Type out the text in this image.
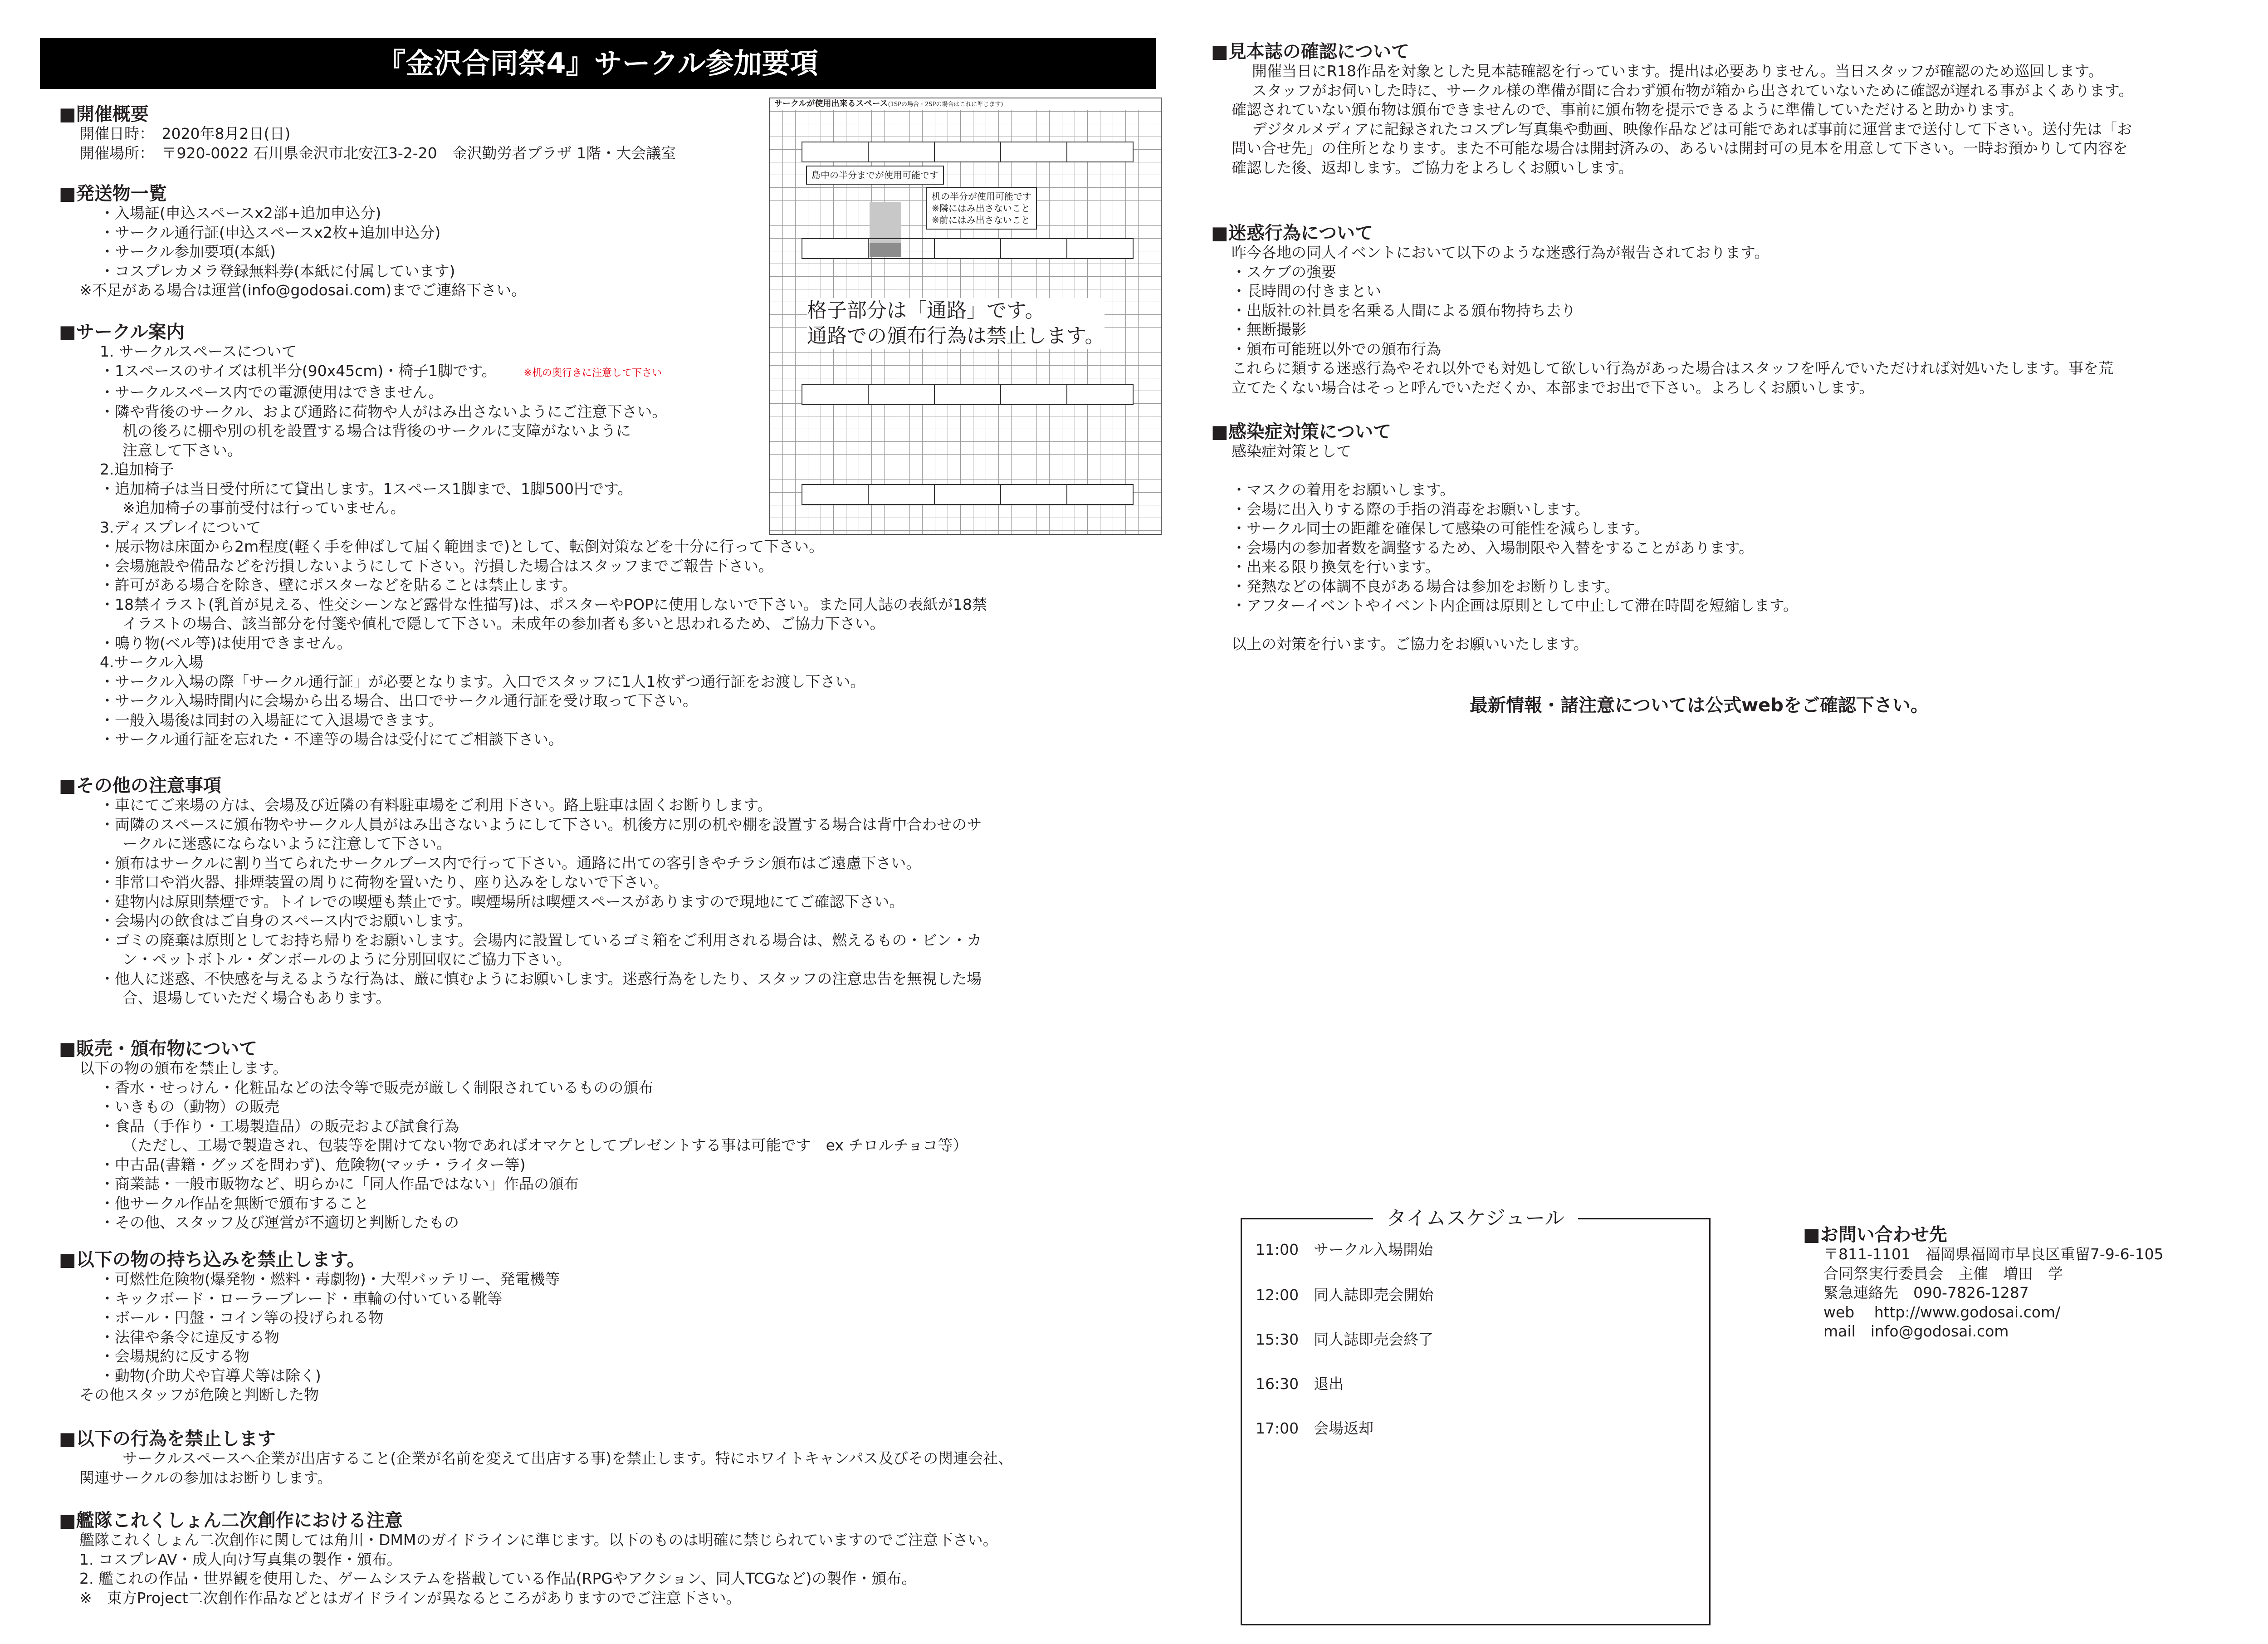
『金沢合同祭4』サークル参加要項
■開催概要
開催日時：　2020年8月2日(日)
開催場所：　〒920-0022 石川県金沢市北安江3-2-20　金沢勤労者プラザ 1階・大会議室
■発送物一覧
・入場証(申込スペースx2部+追加申込分)
・サークル通行証(申込スペースx2枚+追加申込分)
・サークル参加要項(本紙)
・コスプレカメラ登録無料券(本紙に付属しています)
※不足がある場合は運営(info@godosai.com)までご連絡下さい。
■サークル案内
1. サークルスペースについて
・1スペースのサイズは机半分(90x45cm)・椅子1脚です。	※机の奥行きに注意して下さい
・サークルスペース内での電源使用はできません。
・隣や背後のサークル、および通路に荷物や人がはみ出さないようにご注意下さい。
机の後ろに棚や別の机を設置する場合は背後のサークルに支障がないように
注意して下さい。
2.追加椅子
・追加椅子は当日受付所にて貸出します。1スペース1脚まで、1脚500円です。
※追加椅子の事前受付は行っていません。
3.ディスプレイについて
・展示物は床面から2m程度(軽く手を伸ばして届く範囲まで)として、転倒対策などを十分に行って下さい。
・会場施設や備品などを汚損しないようにして下さい。汚損した場合はスタッフまでご報告下さい。
・許可がある場合を除き、壁にポスターなどを貼ることは禁止します。
・18禁イラスト(乳首が見える、性交シーンなど露骨な性描写)は、ポスターやPOPに使用しないで下さい。また同人誌の表紙が18禁
イラストの場合、該当部分を付箋や値札で隠して下さい。未成年の参加者も多いと思われるため、ご協力下さい。
・鳴り物(ベル等)は使用できません。
4.サークル入場
・サークル入場の際「サークル通行証」が必要となります。入口でスタッフに1人1枚ずつ通行証をお渡し下さい。
・サークル入場時間内に会場から出る場合、出口でサークル通行証を受け取って下さい。
・一般入場後は同封の入場証にて入退場できます。
・サークル通行証を忘れた・不達等の場合は受付にてご相談下さい。
■その他の注意事項
・車にてご来場の方は、会場及び近隣の有料駐車場をご利用下さい。路上駐車は固くお断りします。
・両隣のスペースに頒布物やサークル人員がはみ出さないようにして下さい。机後方に別の机や棚を設置する場合は背中合わせのサ
ークルに迷惑にならないように注意して下さい。
・頒布はサークルに割り当てられたサークルブース内で行って下さい。通路に出ての客引きやチラシ頒布はご遠慮下さい。
・非常口や消火器、排煙装置の周りに荷物を置いたり、座り込みをしないで下さい。
・建物内は原則禁煙です。トイレでの喫煙も禁止です。喫煙場所は喫煙スペースがありますので現地にてご確認下さい。
・会場内の飲食はご自身のスペース内でお願いします。
・ゴミの廃棄は原則としてお持ち帰りをお願いします。会場内に設置しているゴミ箱をご利用される場合は、燃えるもの・ビン・カ
ン・ペットボトル・ダンボールのように分別回収にご協力下さい。
・他人に迷惑、不快感を与えるような行為は、厳に慎むようにお願いします。迷惑行為をしたり、スタッフの注意忠告を無視した場
合、退場していただく場合もあります。
■販売・頒布物について
以下の物の頒布を禁止します。
・香水・せっけん・化粧品などの法令等で販売が厳しく制限されているものの頒布
・いきもの（動物）の販売
・食品（手作り・工場製造品）の販売および試食行為
（ただし、工場で製造され、包装等を開けてない物であればオマケとしてプレゼントする事は可能です　ex チロルチョコ等）
・中古品(書籍・グッズを問わず)、危険物(マッチ・ライター等)
・商業誌・一般市販物など、明らかに「同人作品ではない」作品の頒布
・他サークル作品を無断で頒布すること
・その他、スタッフ及び運営が不適切と判断したもの
■以下の物の持ち込みを禁止します。
・可燃性危険物(爆発物・燃料・毒劇物)・大型バッテリー、発電機等
・キックボード・ローラーブレード・車輪の付いている靴等
・ボール・円盤・コイン等の投げられる物
・法律や条令に違反する物
・会場規約に反する物
・動物(介助犬や盲導犬等は除く)
その他スタッフが危険と判断した物
■以下の行為を禁止します
サークルスペースへ企業が出店すること(企業が名前を変えて出店する事)を禁止します。特にホワイトキャンパス及びその関連会社、
関連サークルの参加はお断りします。
■艦隊これくしょん二次創作における注意
艦隊これくしょん二次創作に関しては角川・DMMのガイドラインに準じます。以下のものは明確に禁じられていますのでご注意下さい。
1. コスプレAV・成人向け写真集の製作・頒布。
2. 艦これの作品・世界観を使用した、ゲームシステムを搭載している作品(RPGやアクション、同人TCGなど)の製作・頒布。
※　東方Project二次創作作品などとはガイドラインが異なるところがありますのでご注意下さい。
サークルが使用出来るスペース(1SPの場合・2SPの場合はこれに準じます)
島中の半分までが使用可能です
机の半分が使用可能です
※隣にはみ出さないこと
※前にはみ出さないこと
格子部分は「通路」です。
通路での頒布行為は禁止します。
■見本誌の確認について
開催当日にR18作品を対象とした見本誌確認を行っています。提出は必要ありません。当日スタッフが確認のため巡回します。
スタッフがお伺いした時に、サークル様の準備が間に合わず頒布物が箱から出されていないために確認が遅れる事がよくあります。
確認されていない頒布物は頒布できませんので、事前に頒布物を提示できるように準備していただけると助かります。
デジタルメディアに記録されたコスプレ写真集や動画、映像作品などは可能であれば事前に運営まで送付して下さい。送付先は「お
問い合せ先」の住所となります。また不可能な場合は開封済みの、あるいは開封可の見本を用意して下さい。一時お預かりして内容を
確認した後、返却します。ご協力をよろしくお願いします。
■迷惑行為について
昨今各地の同人イベントにおいて以下のような迷惑行為が報告されております。
・スケブの強要
・長時間の付きまとい
・出版社の社員を名乗る人間による頒布物持ち去り
・無断撮影
・頒布可能班以外での頒布行為
これらに類する迷惑行為やそれ以外でも対処して欲しい行為があった場合はスタッフを呼んでいただければ対処いたします。事を荒
立てたくない場合はそっと呼んでいただくか、本部までお出で下さい。よろしくお願いします。
■感染症対策について
感染症対策として

・マスクの着用をお願いします。
・会場に出入りする際の手指の消毒をお願いします。
・サークル同士の距離を確保して感染の可能性を減らします。
・会場内の参加者数を調整するため、入場制限や入替をすることがあります。
・出来る限り換気を行います。
・発熱などの体調不良がある場合は参加をお断りします。
・アフターイベントやイベント内企画は原則として中止して滞在時間を短縮します。

以上の対策を行います。ご協力をお願いいたします。
最新情報・諸注意については公式webをご確認下さい。
タイムスケジュール
11:00　サークル入場開始
12:00　同人誌即売会開始
15:30　同人誌即売会終了
16:30　退出
17:00　会場返却
■お問い合わせ先
〒811-1101　福岡県福岡市早良区重留7-9-6-105
合同祭実行委員会　主催　増田　学
緊急連絡先　090-7826-1287
web　 http://www.godosai.com/
mail　info@godosai.com
